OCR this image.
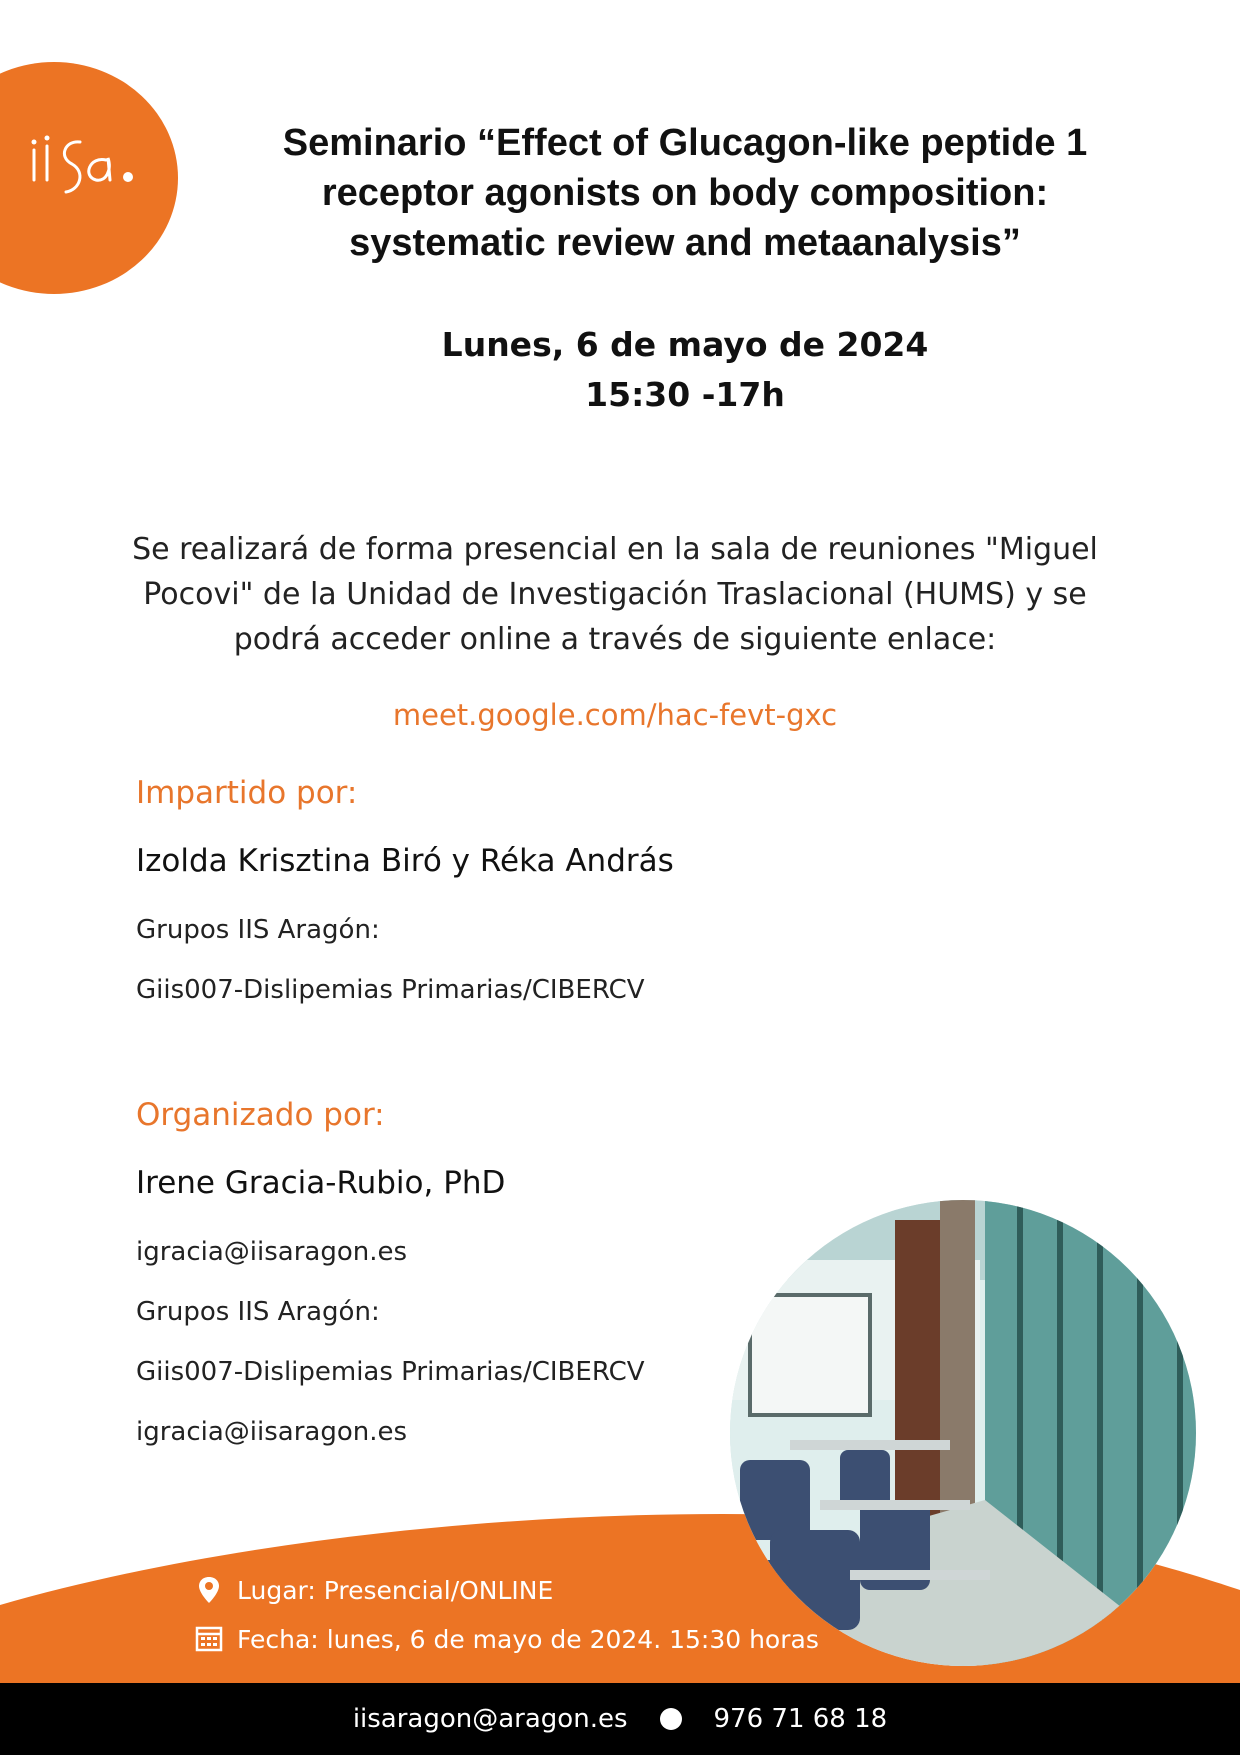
Seminario “Effect of Glucagon-like peptide 1
receptor agonists on body composition:
systematic review and metaanalysis”
Lunes, 6 de mayo de 2024
15:30 -17h
Se realizará de forma presencial en la sala de reuniones "Miguel
Pocovi" de la Unidad de Investigación Traslacional (HUMS) y se
podrá acceder online a través de siguiente enlace:
meet.google.com/hac-fevt-gxc
Impartido por:
Izolda Krisztina Biró y Réka András
Grupos IIS Aragón:
Giis007-Dislipemias Primarias/CIBERCV
Organizado por:
Irene Gracia-Rubio, PhD
igracia@iisaragon.es
Grupos IIS Aragón:
Giis007-Dislipemias Primarias/CIBERCV
igracia@iisaragon.es
Lugar:
Presencial/ONLINE
Fecha:
lunes, 6 de mayo de 2024. 15:30 horas
iisaragon@aragon.es	976 71 68 18
